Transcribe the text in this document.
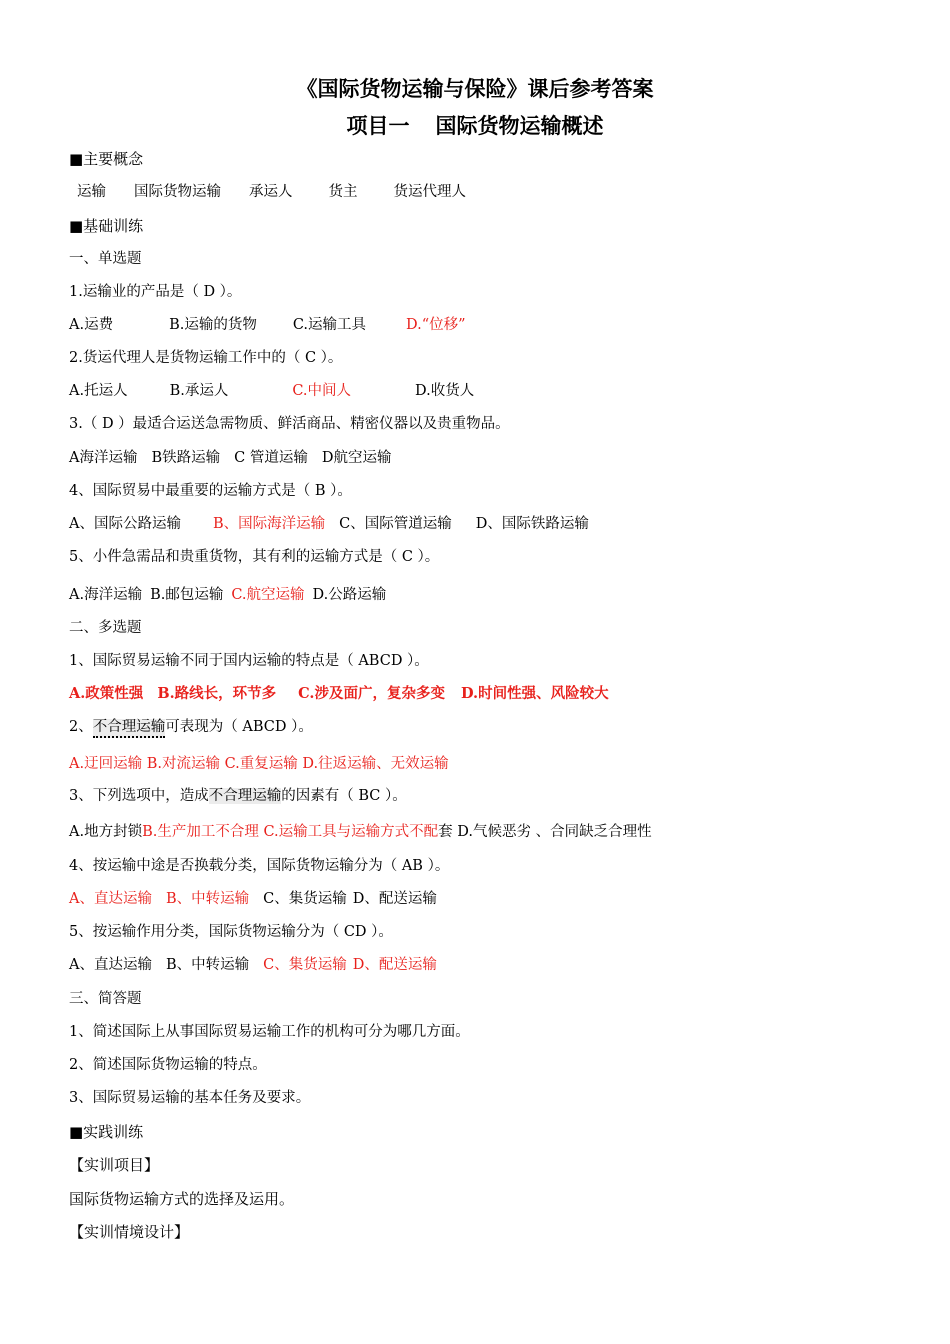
《国际货物运输与保险》课后参考答案
项目一 国际货物运输概述
■主要概念
运输 国际货物运输 承运人 货主 货运代理人
■基础训练
一、单选题
1.运输业的产品是（ D ）。
A.运费	B.运输的货物 C.运输工具	D.“位移”
2.货运代理人是货物运输工作中的（ C ）。
A.托运人	B.承运人	C.中间人	D.收货人
3.（ D ）最适合运送急需物质、鲜活商品、精密仪器以及贵重物品。
A海洋运输 B铁路运输 C 管道运输 D航空运输
4、国际贸易中最重要的运输方式是（ B ）。
A、国际公路运输 B、国际海洋运输 C、国际管道运输 D、国际铁路运输
5、小件急需品和贵重货物，其有利的运输方式是（ C ）。
A.海洋运输 B.邮包运输 C.航空运输 D.公路运输
二、多选题
1、国际贸易运输不同于国内运输的特点是（ ABCD ）。
A.政策性强 B.路线长，环节多 C.涉及面广，复杂多变 D.时间性强、风险较大
2、不合理运输可表现为（ ABCD ）。
A.迂回运输 B.对流运输 C.重复运输 D.往返运输、无效运输
3、下列选项中，造成不合理运输的因素有（ BC ）。
A.地方封锁B.生产加工不合理 C.运输工具与运输方式不配套 D.气候恶劣 、合同缺乏合理性
4、按运输中途是否换载分类，国际货物运输分为（ AB ）。
A、直达运输 B、中转运输 C、集货运输 D、配送运输
5、按运输作用分类，国际货物运输分为（ CD ）。
A、直达运输 B、中转运输 C、集货运输 D、配送运输
三、简答题
1、简述国际上从事国际贸易运输工作的机构可分为哪几方面。
2、简述国际货物运输的特点。
3、国际贸易运输的基本任务及要求。
■实践训练
【实训项目】
国际货物运输方式的选择及运用。
【实训情境设计】
